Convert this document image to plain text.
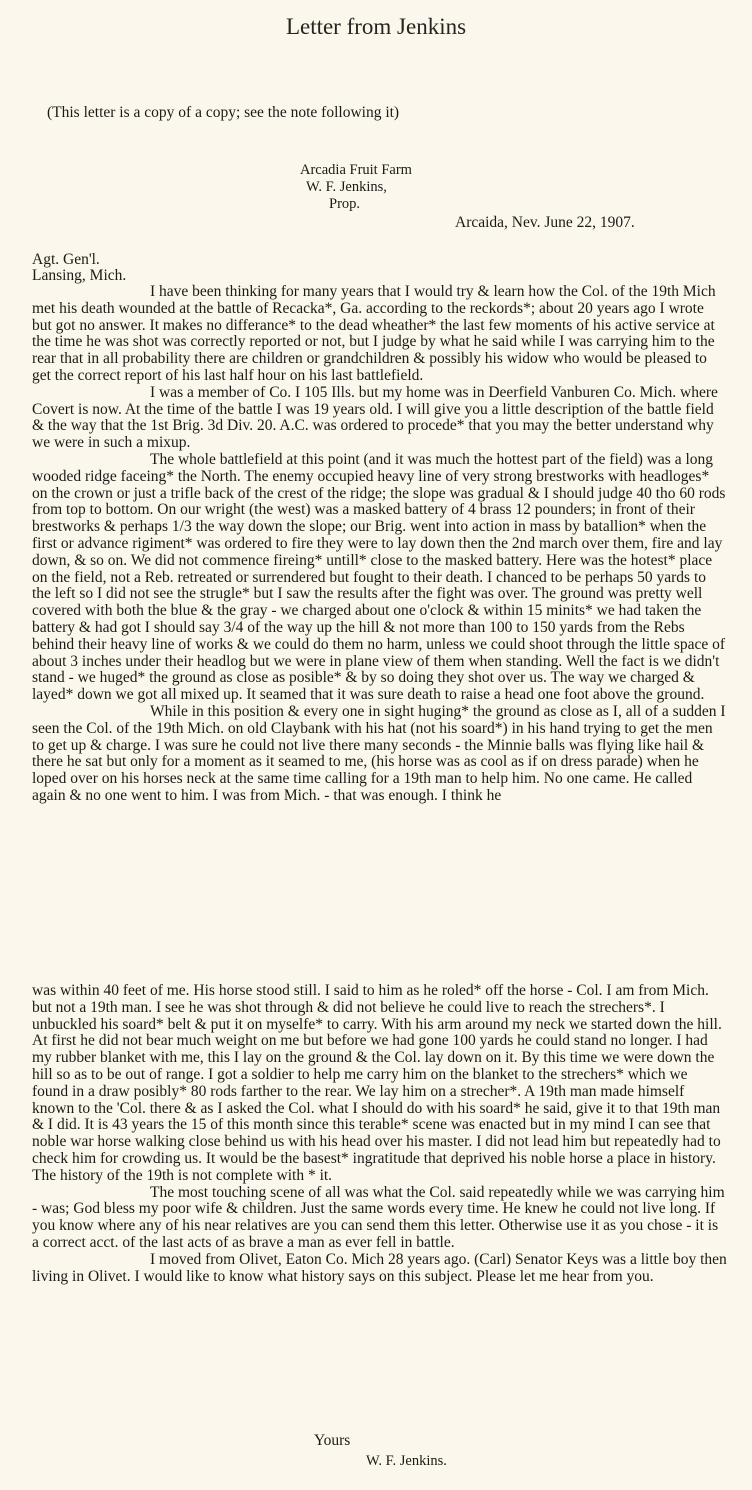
Letter from Jenkins
(This letter is a copy of a copy; see the note following it)
Arcadia Fruit Farm
W. F. Jenkins,
Prop.
Arcaida, Nev. June 22, 1907.
Agt. Gen'l.
Lansing, Mich.

I have been thinking for many years that I would try & learn how the Col. of the 19th Mich met his death wounded at the battle of Recacka*, Ga. according to the reckords*; about 20 years ago I wrote but got no answer. It makes no differance* to the dead wheather* the last few moments of his active service at the time he was shot was correctly reported or not, but I judge by what he said while I was carrying him to the rear that in all probability there are children or grandchildren & possibly his widow who would be pleased to get the correct report of his last half hour on his last battlefield.

I was a member of Co. I 105 Ills. but my home was in Deerfield Vanburen Co. Mich. where Covert is now. At the time of the battle I was 19 years old. I will give you a little description of the battle field & the way that the 1st Brig. 3d Div. 20. A.C. was ordered to procede* that you may the better understand why we were in such a mixup.

The whole battlefield at this point (and it was much the hottest part of the field) was a long wooded ridge faceing* the North. The enemy occupied heavy line of very strong brestworks with headloges* on the crown or just a trifle back of the crest of the ridge; the slope was gradual & I should judge 40 tho 60 rods from top to bottom. On our wright (the west) was a masked battery of 4 brass 12 pounders; in front of their brestworks & perhaps 1/3 the way down the slope; our Brig. went into action in mass by batallion* when the first or advance rigiment* was ordered to fire they were to lay down then the 2nd march over them, fire and lay down, & so on. We did not commence fireing* untill* close to the masked battery. Here was the hotest* place on the field, not a Reb. retreated or surrendered but fought to their death. I chanced to be perhaps 50 yards to the left so I did not see the strugle* but I saw the results after the fight was over. The ground was pretty well covered with both the blue & the gray - we charged about one o'clock & within 15 minits* we had taken the battery & had got I should say 3/4 of the way up the hill & not more than 100 to 150 yards from the Rebs behind their heavy line of works & we could do them no harm, unless we could shoot through the little space of about 3 inches under their headlog but we were in plane view of them when standing. Well the fact is we didn't stand - we huged* the ground as close as posible* & by so doing they shot over us. The way we charged & layed* down we got all mixed up. It seamed that it was sure death to raise a head one foot above the ground.

While in this position & every one in sight huging* the ground as close as I, all of a sudden I seen the Col. of the 19th Mich. on old Claybank with his hat (not his soard*) in his hand trying to get the men to get up & charge. I was sure he could not live there many seconds - the Minnie balls was flying like hail & there he sat but only for a moment as it seamed to me, (his horse was as cool as if on dress parade) when he loped over on his horses neck at the same time calling for a 19th man to help him. No one came. He called again & no one went to him. I was from Mich. - that was enough. I think he

was within 40 feet of me. His horse stood still. I said to him as he roled* off the horse - Col. I am from Mich. but not a 19th man. I see he was shot through & did not believe he could live to reach the strechers*. I unbuckled his soard* belt & put it on myselfe* to carry. With his arm around my neck we started down the hill. At first he did not bear much weight on me but before we had gone 100 yards he could stand no longer. I had my rubber blanket with me, this I lay on the ground & the Col. lay down on it. By this time we were down the hill so as to be out of range. I got a soldier to help me carry him on the blanket to the strechers* which we found in a draw posibly* 80 rods farther to the rear. We lay him on a strecher*. A 19th man made himself known to the 'Col. there & as I asked the Col. what I should do with his soard* he said, give it to that 19th man & I did. It is 43 years the 15 of this month since this terable* scene was enacted but in my mind I can see that noble war horse walking close behind us with his head over his master. I did not lead him but repeatedly had to check him for crowding us. It would be the basest* ingratitude that deprived his noble horse a place in history. The history of the 19th is not complete with * it.

The most touching scene of all was what the Col. said repeatedly while we was carrying him - was; God bless my poor wife & children. Just the same words every time. He knew he could not live long. If you know where any of his near relatives are you can send them this letter. Otherwise use it as you chose - it is a correct acct. of the last acts of as brave a man as ever fell in battle.

I moved from Olivet, Eaton Co. Mich 28 years ago. (Carl) Senator Keys was a little boy then living in Olivet. I would like to know what history says on this subject. Please let me hear from you.

Yours
W. F. Jenkins.
